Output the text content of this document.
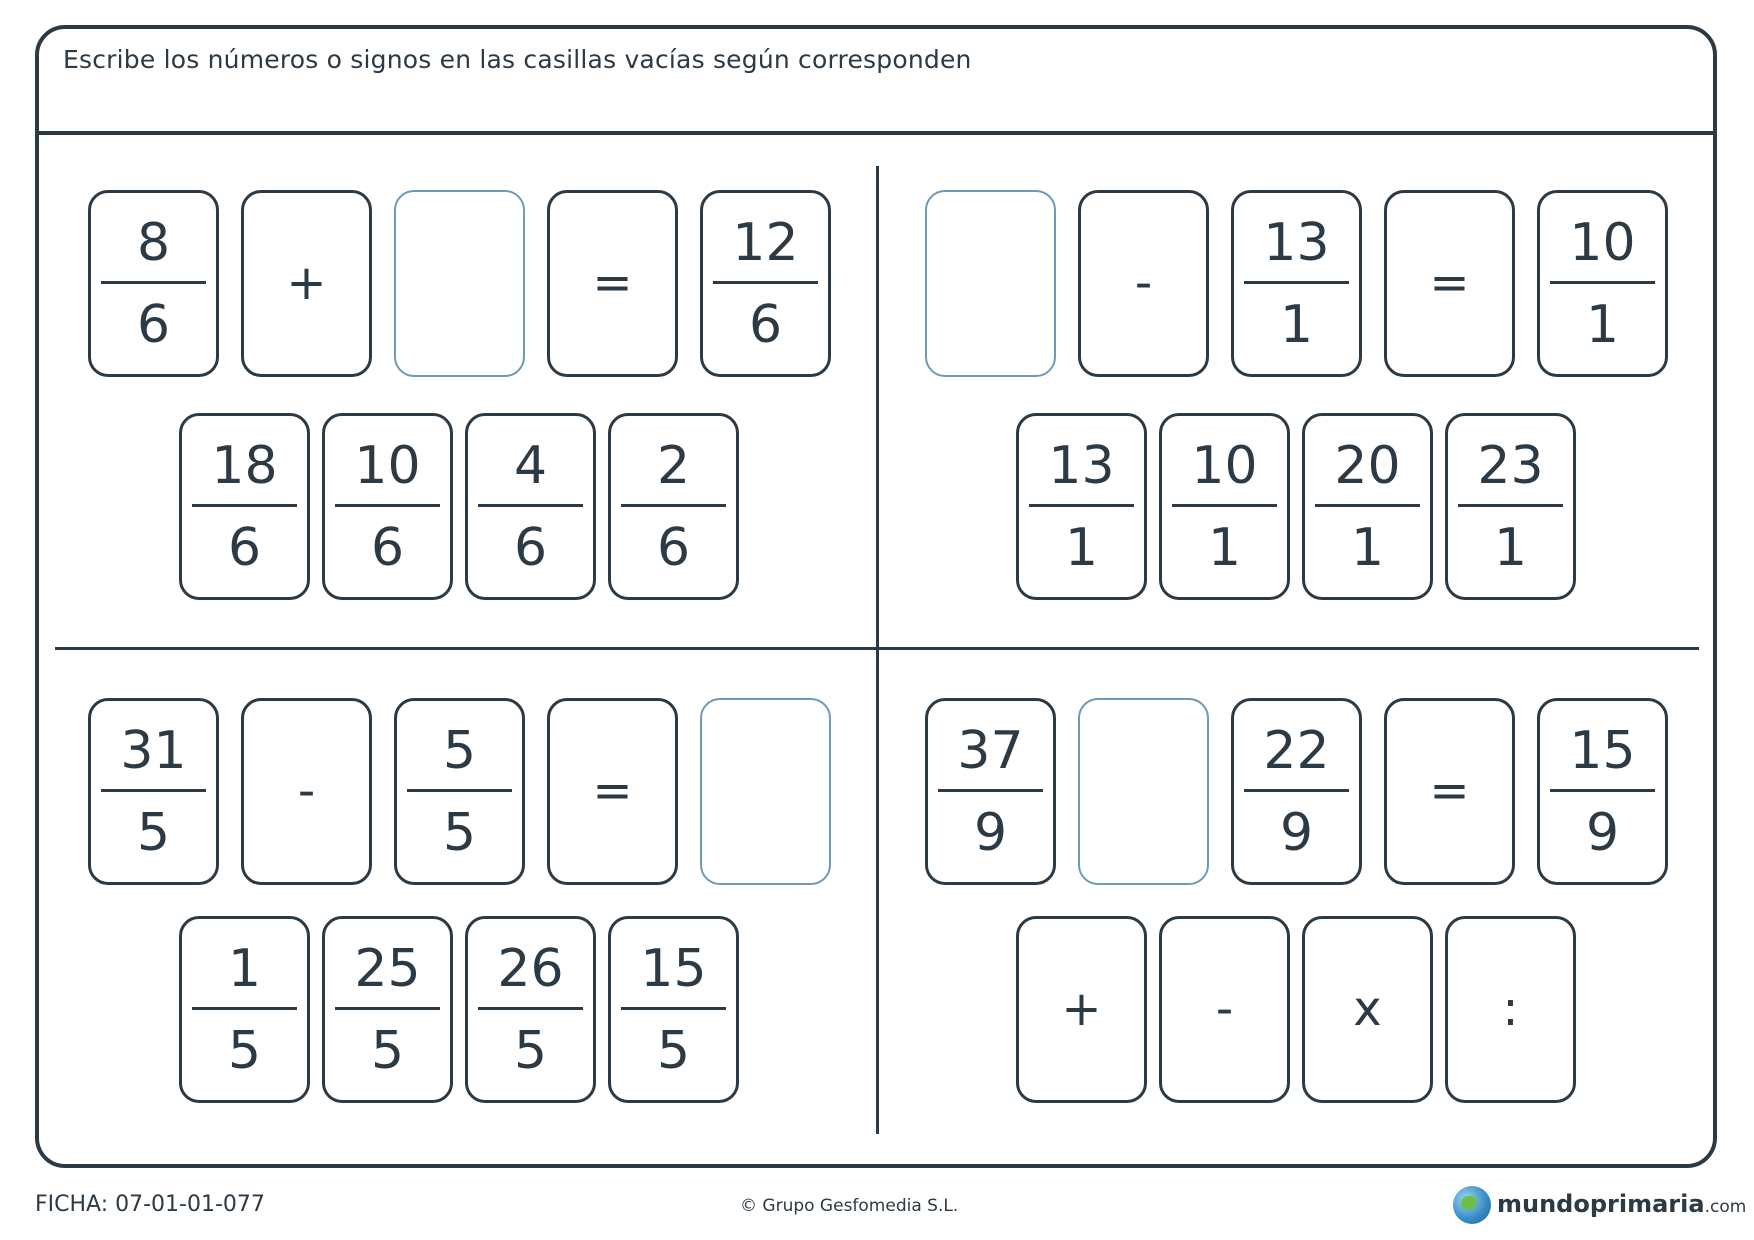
Escribe los números o signos en las casillas vacías según corresponden
8
6
+	=
12
6
18
6
10
6
4
6
2
6
-
13
1
=
10
1
13
1
10
1
20
1
23
1
31
5
-
5
5
=
1
5
25
5
26
5
15
5
37
9
22
9
=
15
9
+	-	x	:
FICHA: 07-01-01-077	© Grupo Gesfomedia S.L.	mundoprimaria.com
